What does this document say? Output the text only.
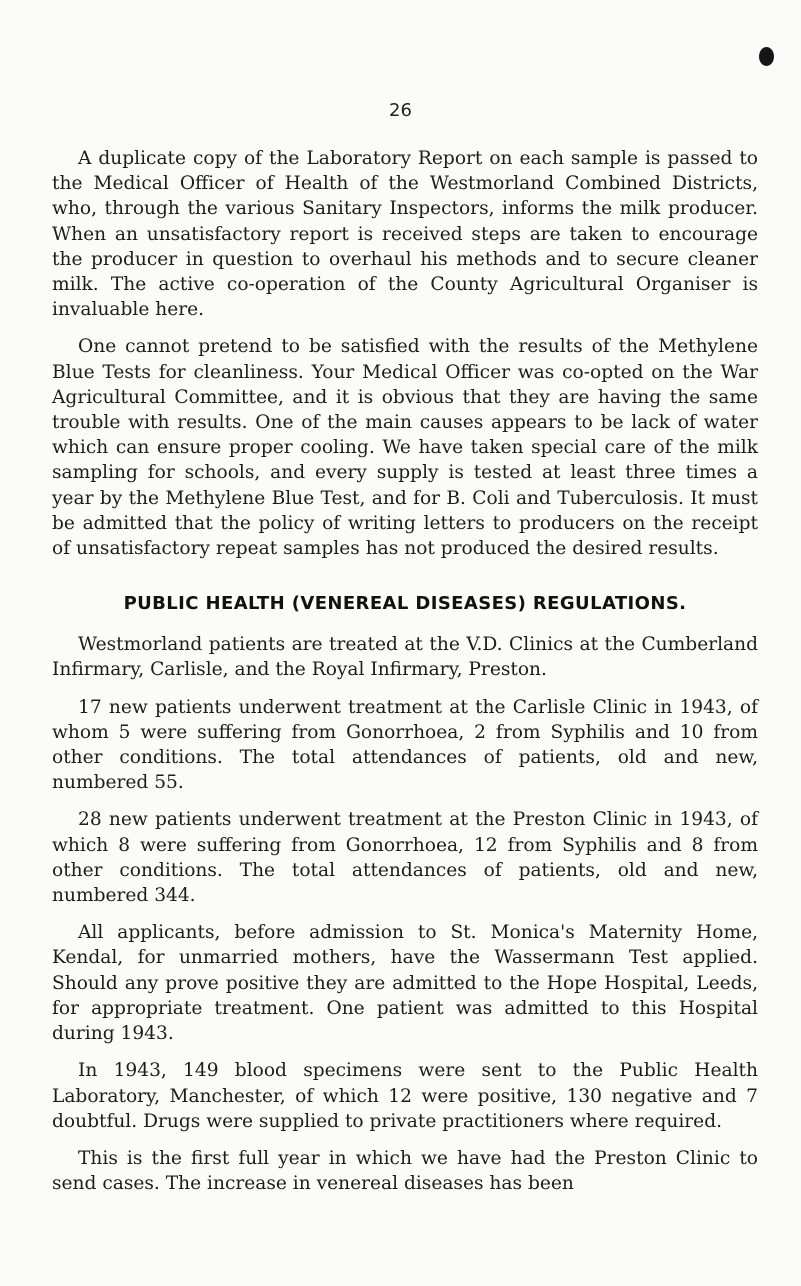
26

A duplicate copy of the Laboratory Report on each sample is passed to the Medical Officer of Health of the Westmorland Combined Districts, who, through the various Sanitary Inspectors, informs the milk producer. When an unsatisfactory report is received steps are taken to encourage the producer in question to overhaul his methods and to secure cleaner milk. The active co-operation of the County Agricultural Organiser is invaluable here.

One cannot pretend to be satisfied with the results of the Methylene Blue Tests for cleanliness. Your Medical Officer was co-opted on the War Agricultural Committee, and it is obvious that they are having the same trouble with results. One of the main causes appears to be lack of water which can ensure proper cooling. We have taken special care of the milk sampling for schools, and every supply is tested at least three times a year by the Methylene Blue Test, and for B. Coli and Tuberculosis. It must be admitted that the policy of writing letters to producers on the receipt of unsatisfactory repeat samples has not produced the desired results.

PUBLIC HEALTH (VENEREAL DISEASES) REGULATIONS.

Westmorland patients are treated at the V.D. Clinics at the Cumberland Infirmary, Carlisle, and the Royal Infirmary, Preston.

17 new patients underwent treatment at the Carlisle Clinic in 1943, of whom 5 were suffering from Gonorrhoea, 2 from Syphilis and 10 from other conditions. The total attendances of patients, old and new, numbered 55.

28 new patients underwent treatment at the Preston Clinic in 1943, of which 8 were suffering from Gonorrhoea, 12 from Syphilis and 8 from other conditions. The total attendances of patients, old and new, numbered 344.

All applicants, before admission to St. Monica's Maternity Home, Kendal, for unmarried mothers, have the Wassermann Test applied. Should any prove positive they are admitted to the Hope Hospital, Leeds, for appropriate treatment. One patient was admitted to this Hospital during 1943.

In 1943, 149 blood specimens were sent to the Public Health Laboratory, Manchester, of which 12 were positive, 130 negative and 7 doubtful. Drugs were supplied to private practitioners where required.

This is the first full year in which we have had the Preston Clinic to send cases. The increase in venereal diseases has been
